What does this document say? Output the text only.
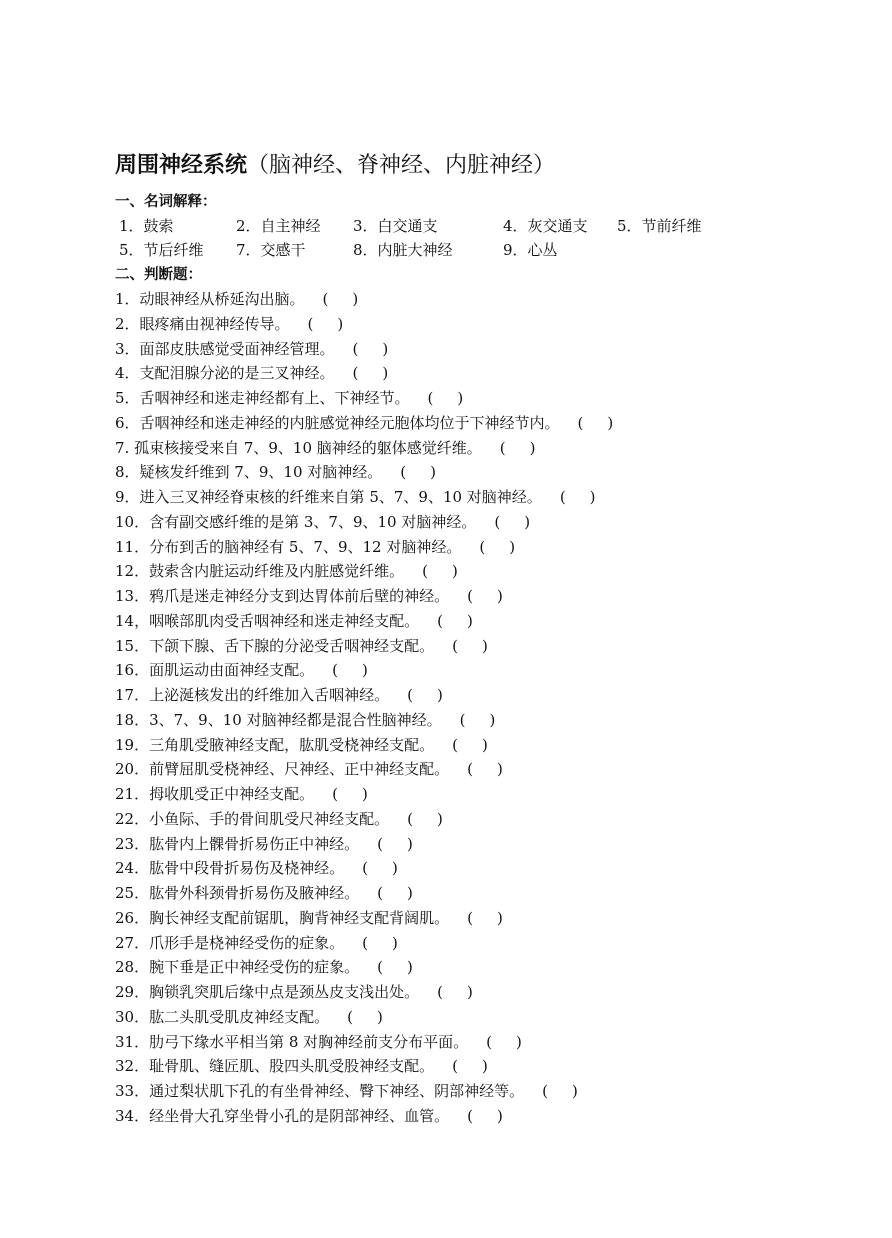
周围神经系统（脑神经、脊神经、内脏神经）
一、名词解释：
1．鼓索	2．自主神经 3．白交通支	4．灰交通支 5．节前纤维
5．节后纤维 7．交感干	8．内脏大神经	9．心丛
二、判断题：
1．动眼神经从桥延沟出脑。 ( )
2．眼疼痛由视神经传导。 ( )
3．面部皮肤感觉受面神经管理。 ( )
4．支配泪腺分泌的是三叉神经。 ( )
5．舌咽神经和迷走神经都有上、下神经节。 ( )
6．舌咽神经和迷走神经的内脏感觉神经元胞体均位于下神经节内。 ( )
7. 孤束核接受来自 7、9、10 脑神经的躯体感觉纤维。 ( )
8．疑核发纤维到 7、9、10 对脑神经。 ( )
9．进入三叉神经脊束核的纤维来自第 5、7、9、10 对脑神经。 ( )
10．含有副交感纤维的是第 3、7、9、10 对脑神经。 ( )
11．分布到舌的脑神经有 5、7、9、12 对脑神经。 ( )
12．鼓索含内脏运动纤维及内脏感觉纤维。 ( )
13．鸦爪是迷走神经分支到达胃体前后壁的神经。 ( )
14，咽喉部肌肉受舌咽神经和迷走神经支配。 ( )
15．下颌下腺、舌下腺的分泌受舌咽神经支配。 ( )
16．面肌运动由面神经支配。 ( )
17．上泌涎核发出的纤维加入舌咽神经。 ( )
18．3、7、9、10 对脑神经都是混合性脑神经。 ( )
19．三角肌受腋神经支配，肱肌受桡神经支配。 ( )
20．前臂屈肌受桡神经、尺神经、正中神经支配。 ( )
21．拇收肌受正中神经支配。 ( )
22．小鱼际、手的骨间肌受尺神经支配。 ( )
23．肱骨内上髁骨折易伤正中神经。 ( )
24．肱骨中段骨折易伤及桡神经。 ( )
25．肱骨外科颈骨折易伤及腋神经。 ( )
26．胸长神经支配前锯肌，胸背神经支配背阔肌。 ( )
27．爪形手是桡神经受伤的症象。 ( )
28．腕下垂是正中神经受伤的症象。 ( )
29．胸锁乳突肌后缘中点是颈丛皮支浅出处。 ( )
30．肱二头肌受肌皮神经支配。 ( )
31．肋弓下缘水平相当第 8 对胸神经前支分布平面。 ( )
32．耻骨肌、缝匠肌、股四头肌受股神经支配。 ( )
33．通过梨状肌下孔的有坐骨神经、臀下神经、阴部神经等。 ( )
34．经坐骨大孔穿坐骨小孔的是阴部神经、血管。 ( )
